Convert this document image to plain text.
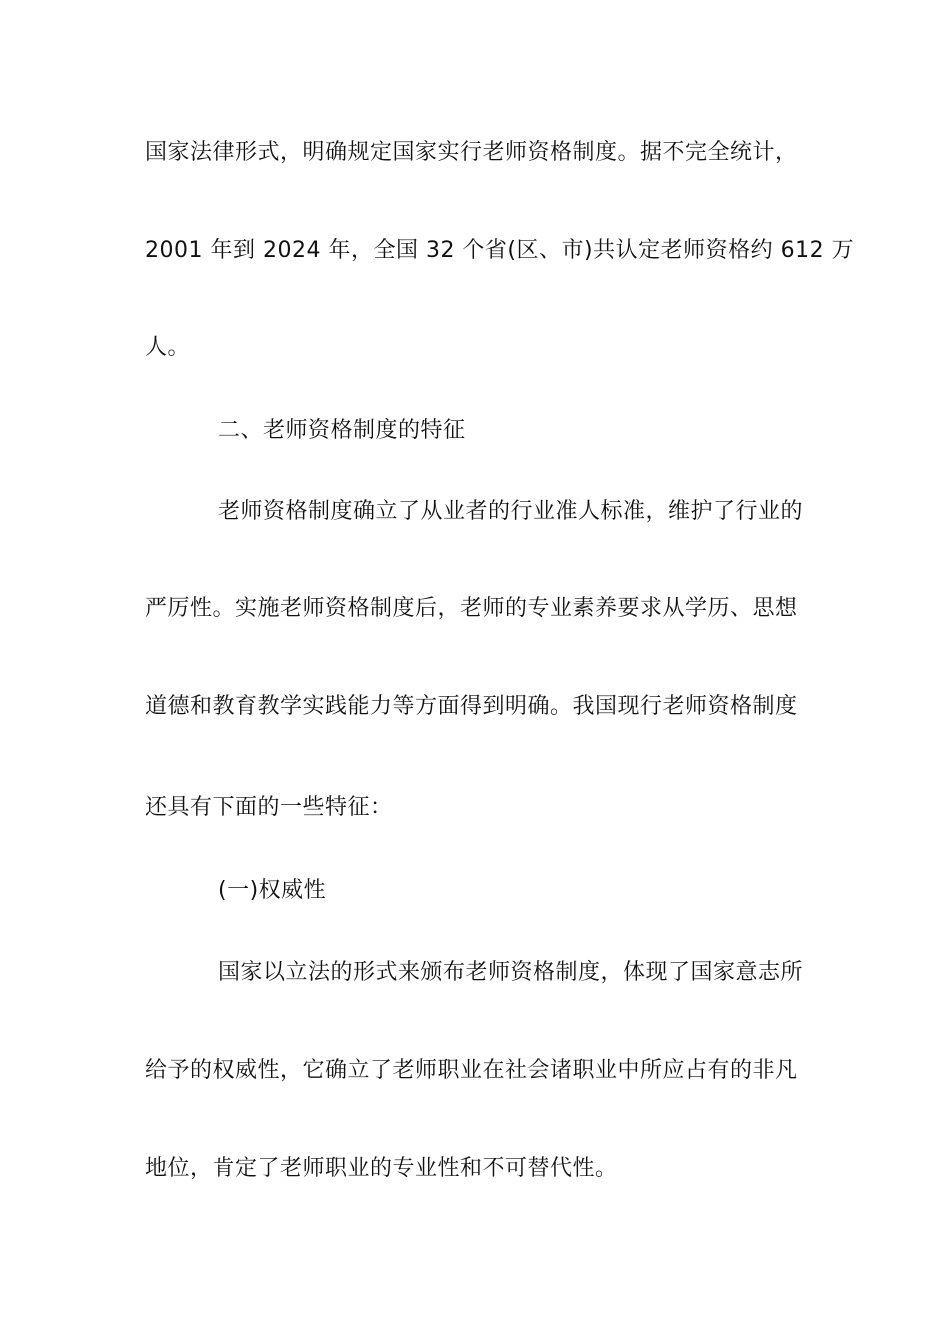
国家法律形式，明确规定国家实行老师资格制度。据不完全统计，
2001 年到 2024 年，全国 32 个省(区、市)共认定老师资格约 612 万
人。
二、老师资格制度的特征
老师资格制度确立了从业者的行业准人标准，维护了行业的
严厉性。实施老师资格制度后，老师的专业素养要求从学历、思想
道德和教育教学实践能力等方面得到明确。我国现行老师资格制度
还具有下面的一些特征：
(一)权威性
国家以立法的形式来颁布老师资格制度，体现了国家意志所
给予的权威性，它确立了老师职业在社会诸职业中所应占有的非凡
地位，肯定了老师职业的专业性和不可替代性。
